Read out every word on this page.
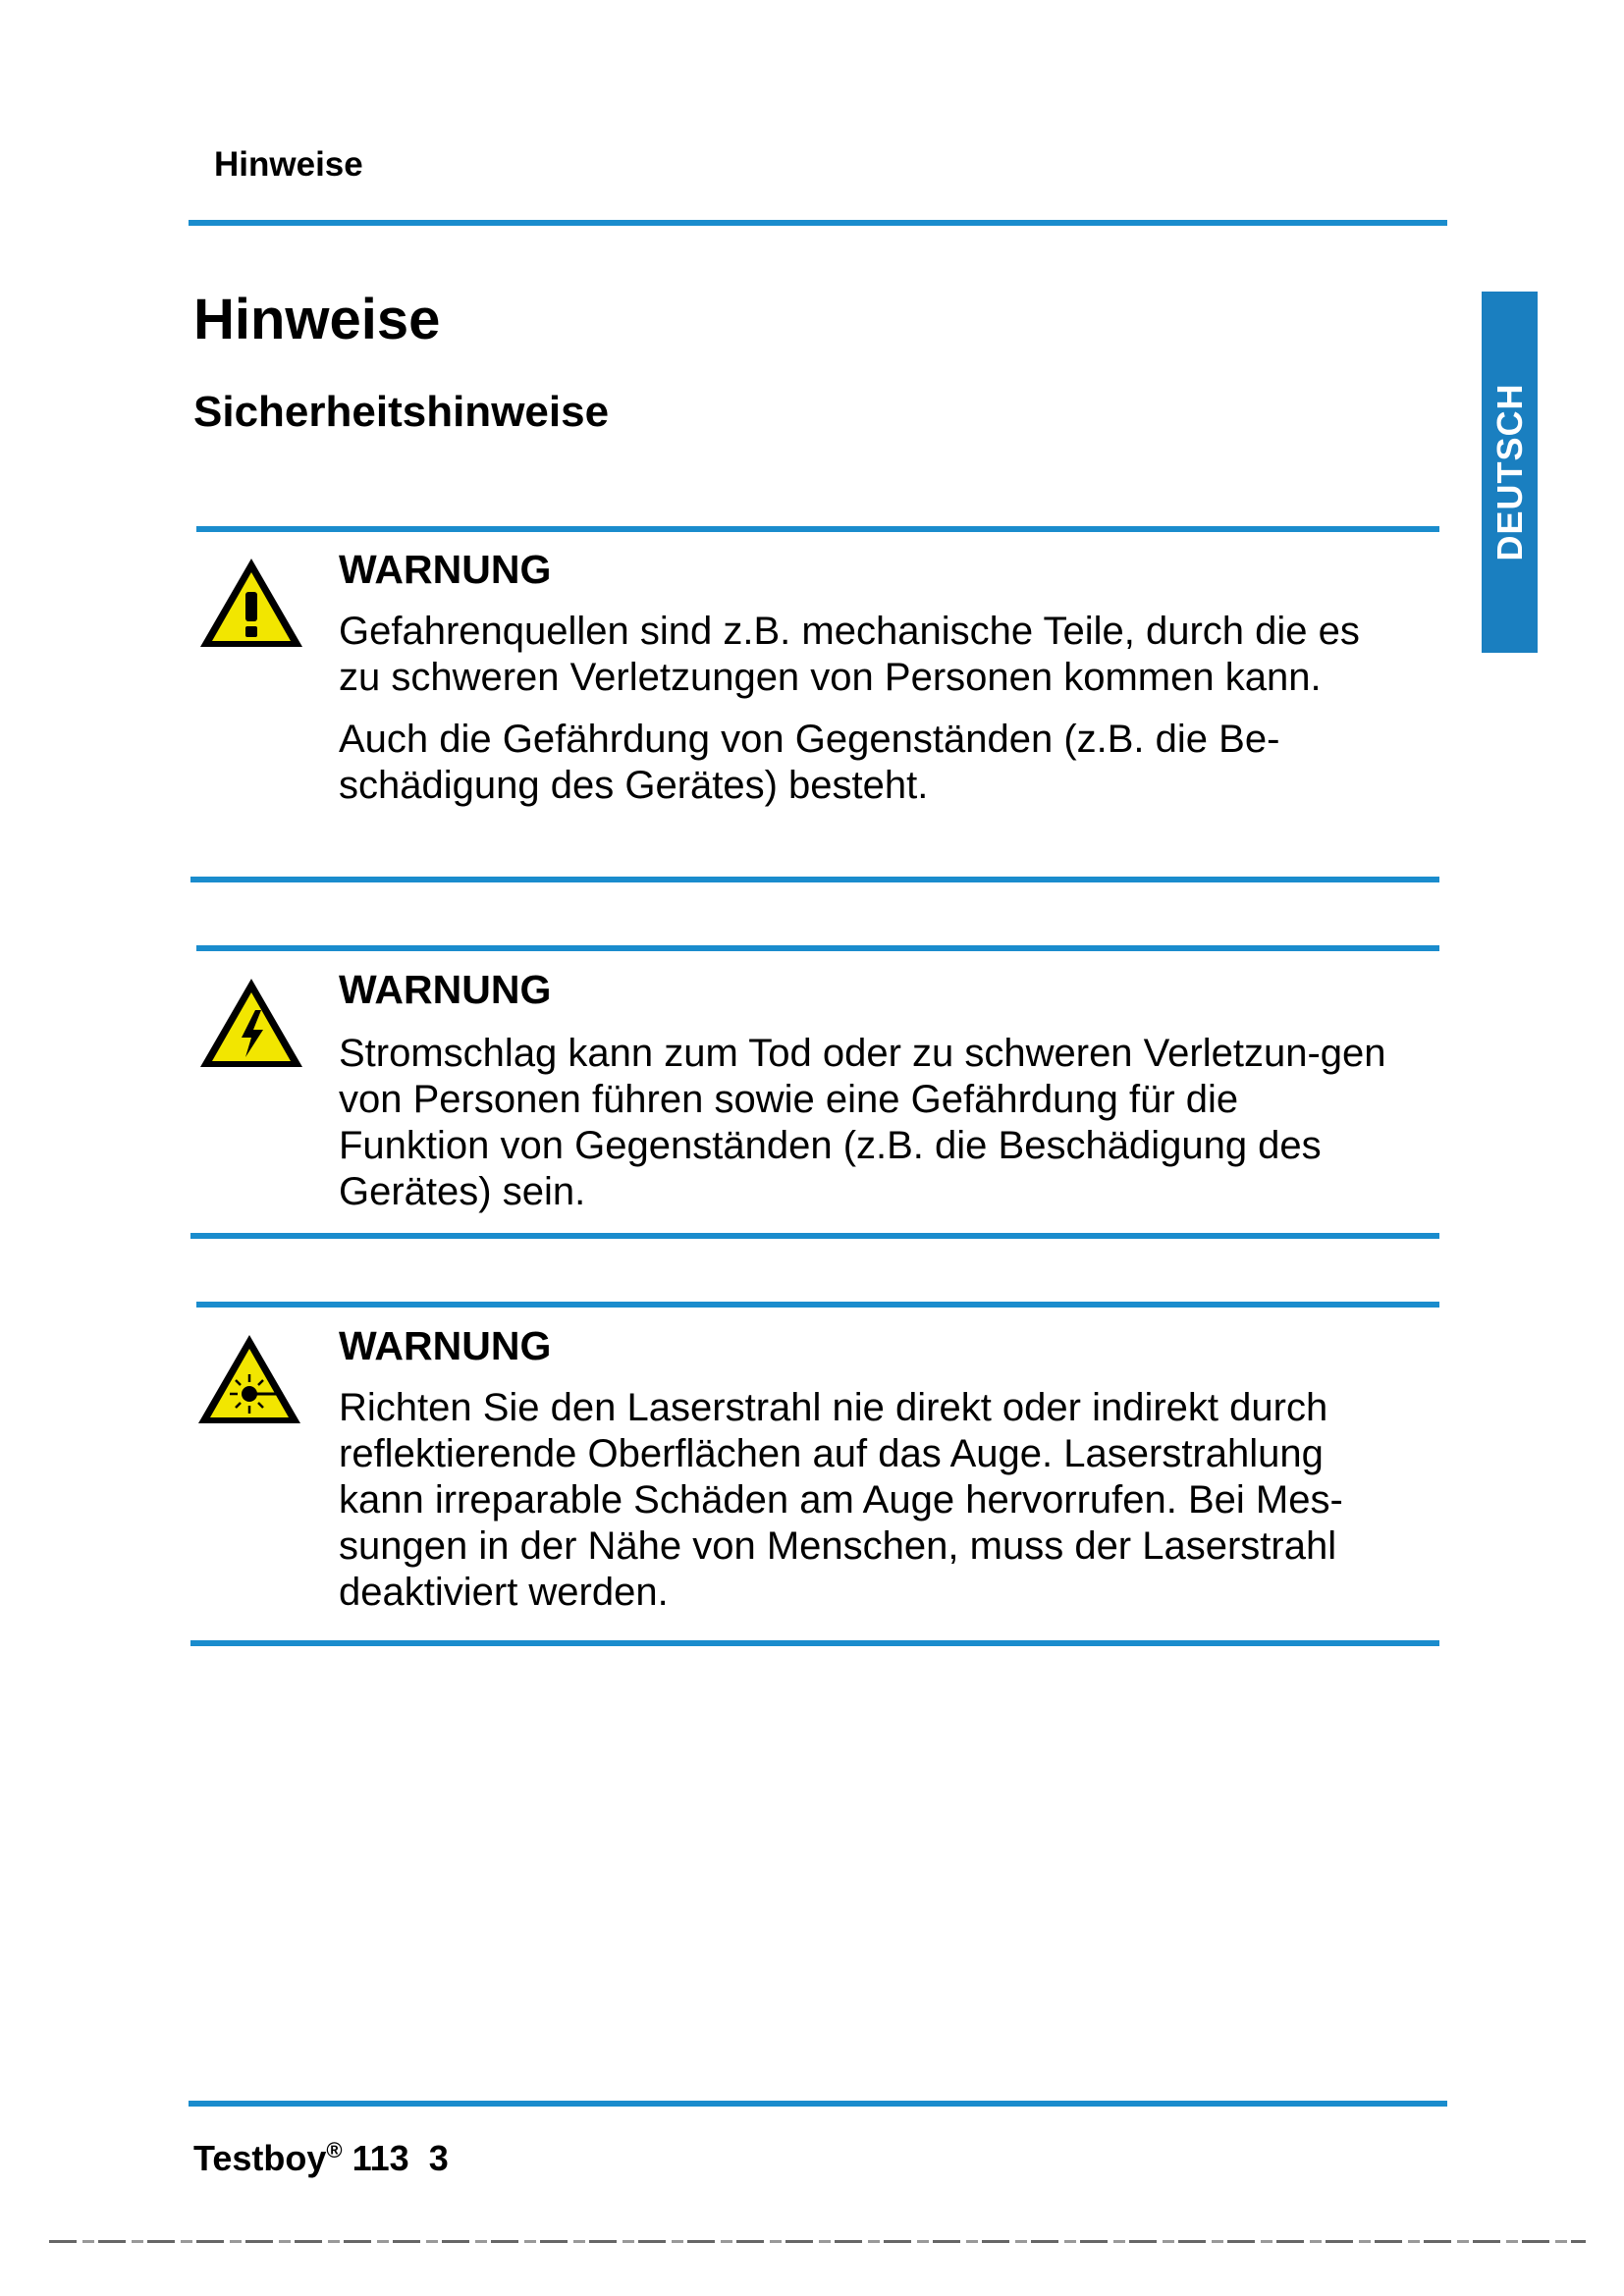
Hinweise
Hinweise
Sicherheitshinweise	DEUTSCH
WARNUNG

Gefahrenquellen sind z.B. mechanische Teile, durch die es zu schweren Verletzungen von Personen kommen kann.

Auch die Gefährdung von Gegenständen (z.B. die Be-schädigung des Gerätes) besteht.

WARNUNG

Stromschlag kann zum Tod oder zu schweren Verletzun-gen von Personen führen sowie eine Gefährdung für die Funktion von Gegenständen (z.B. die Beschädigung des Gerätes) sein.

WARNUNG

Richten Sie den Laserstrahl nie direkt oder indirekt durch reflektierende Oberflächen auf das Auge. Laserstrahlung kann irreparable Schäden am Auge hervorrufen. Bei Mes-sungen in der Nähe von Menschen, muss der Laserstrahl deaktiviert werden.

Testboy® 113 3
